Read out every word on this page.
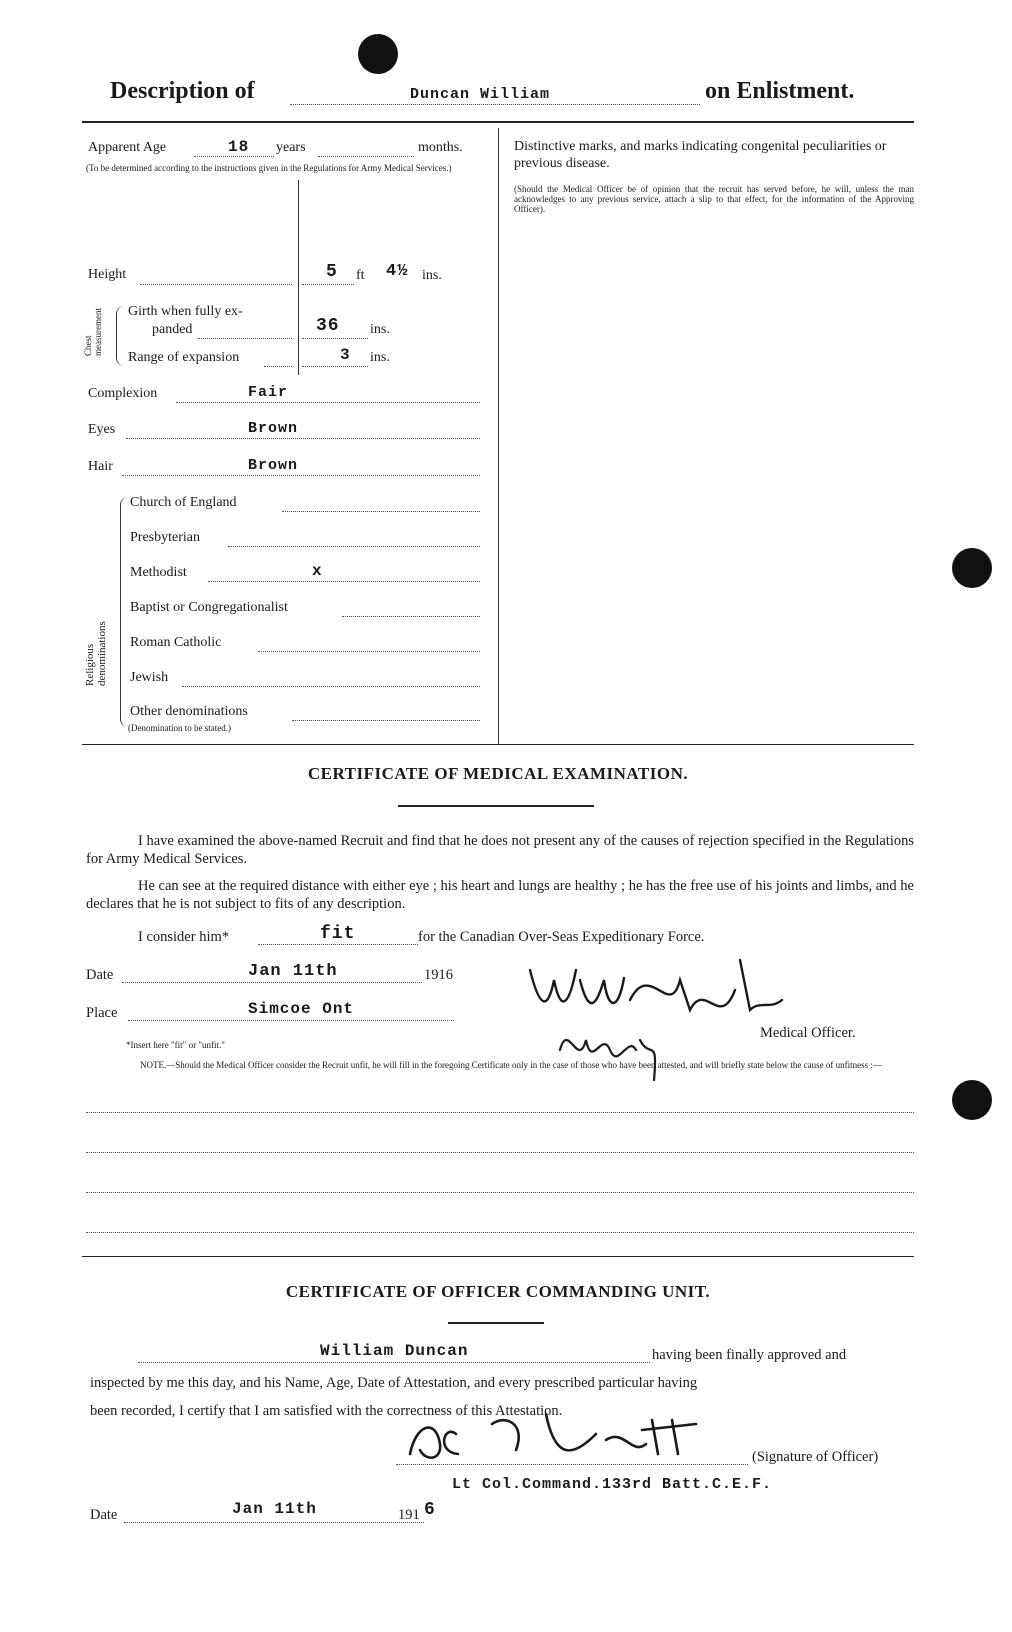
Description of	Duncan William	on Enlistment.
Apparent Age	18 years	months.
(To be determined according to the instructions given in the Regulations for Army Medical Services.)
Height	5 ft 4½ ins.
Chest measurement Girth when fully ex-
panded	36 ins.
Range of expansion	3 ins.
Complexion	Fair
Eyes	Brown
Hair	Brown
Religious denominations
Church of England
Presbyterian
Methodist	x
Baptist or Congregationalist
Roman Catholic
Jewish
Other denominations
(Denomination to be stated.)
Distinctive marks, and marks indicating congenital peculiarities or previous disease.
(Should the Medical Officer be of opinion that the recruit has served before, he will, unless the man acknowledges to any previous service, attach a slip to that effect, for the information of the Approving Officer).
CERTIFICATE OF MEDICAL EXAMINATION.
I have examined the above-named Recruit and find that he does not present any of the causes of rejection specified in the Regulations for Army Medical Services.
He can see at the required distance with either eye ; his heart and lungs are healthy ; he has the free use of his joints and limbs, and he declares that he is not subject to fits of any description.
I consider him*	fit	for the Canadian Over-Seas Expeditionary Force.
Date	Jan 11th	1916
Place	Simcoe Ont
*Insert here "fit" or "unfit."
Medical Officer.
NOTE.—Should the Medical Officer consider the Recruit unfit, he will fill in the foregoing Certificate only in the case of those who have been attested, and will briefly state below the cause of unfitness :—
CERTIFICATE OF OFFICER COMMANDING UNIT.
William Duncan	having been finally approved and
inspected by me this day, and his Name, Age, Date of Attestation, and every prescribed particular having
been recorded, I certify that I am satisfied with the correctness of this Attestation.
(Signature of Officer)
Lt Col.Command.133rd Batt.C.E.F.
Date	Jan 11th	191 6
